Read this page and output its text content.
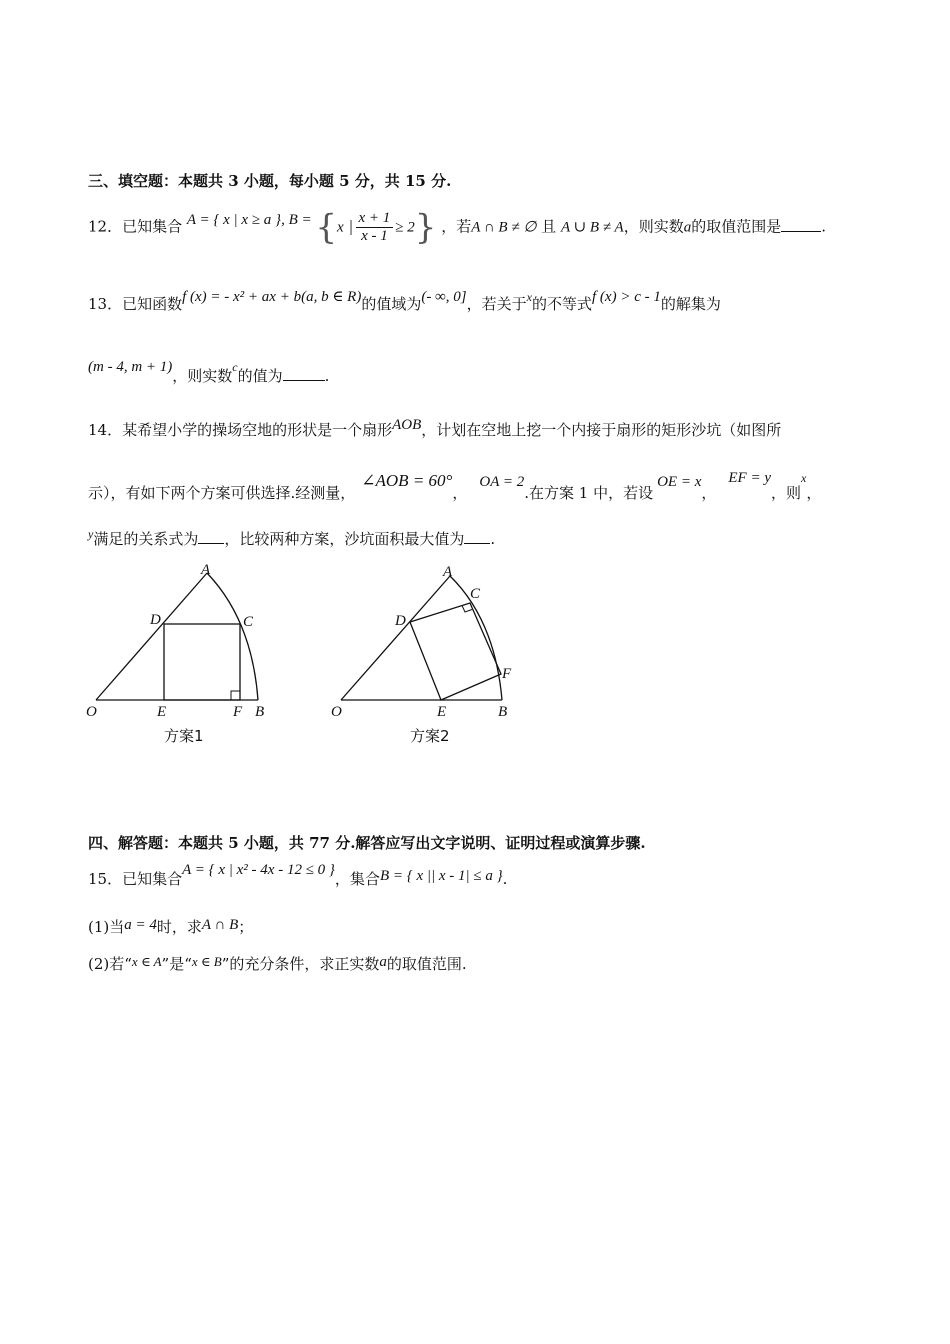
三、填空题：本题共 3 小题，每小题 5 分，共 15 分.
12．已知集合 A = { x | x ≥ a }, B = {x | $\frac{x + 1}{x - 1} \ge 2$} ，若A ∩ B ≠ ∅ 且 A ∪ B ≠ A，则实数a的取值范围是	.
13．已知函数f (x) = - x² + ax + b(a, b ∈ R)的值域为(- ∞, 0]，若关于x的不等式f (x) > c - 1的解集为
(m - 4, m + 1)，则实数c的值为	.
14．某希望小学的操场空地的形状是一个扇形AOB，计划在空地上挖一个内接于扇形的矩形沙坑（如图所
示），有如下两个方案可供选择.经测量，∠AOB = 60°，OA = 2.在方案 1 中，若设OE = x，EF = y，则$^x$，
$^y$满足的关系式为 ，比较两种方案，沙坑面积最大值为 .
A
D	C
O	E	F B
方案1
A
C
D
F
O	E	B
方案2
四、解答题：本题共 5 小题，共 77 分.解答应写出文字说明、证明过程或演算步骤.
15．已知集合A = { x | x² - 4x - 12 ≤ 0 }，集合B = { x || x - 1| ≤ a }.
(1)当a = 4时，求A ∩ B；
(2)若“x ∈ A”是“x ∈ B”的充分条件，求正实数a的取值范围.
